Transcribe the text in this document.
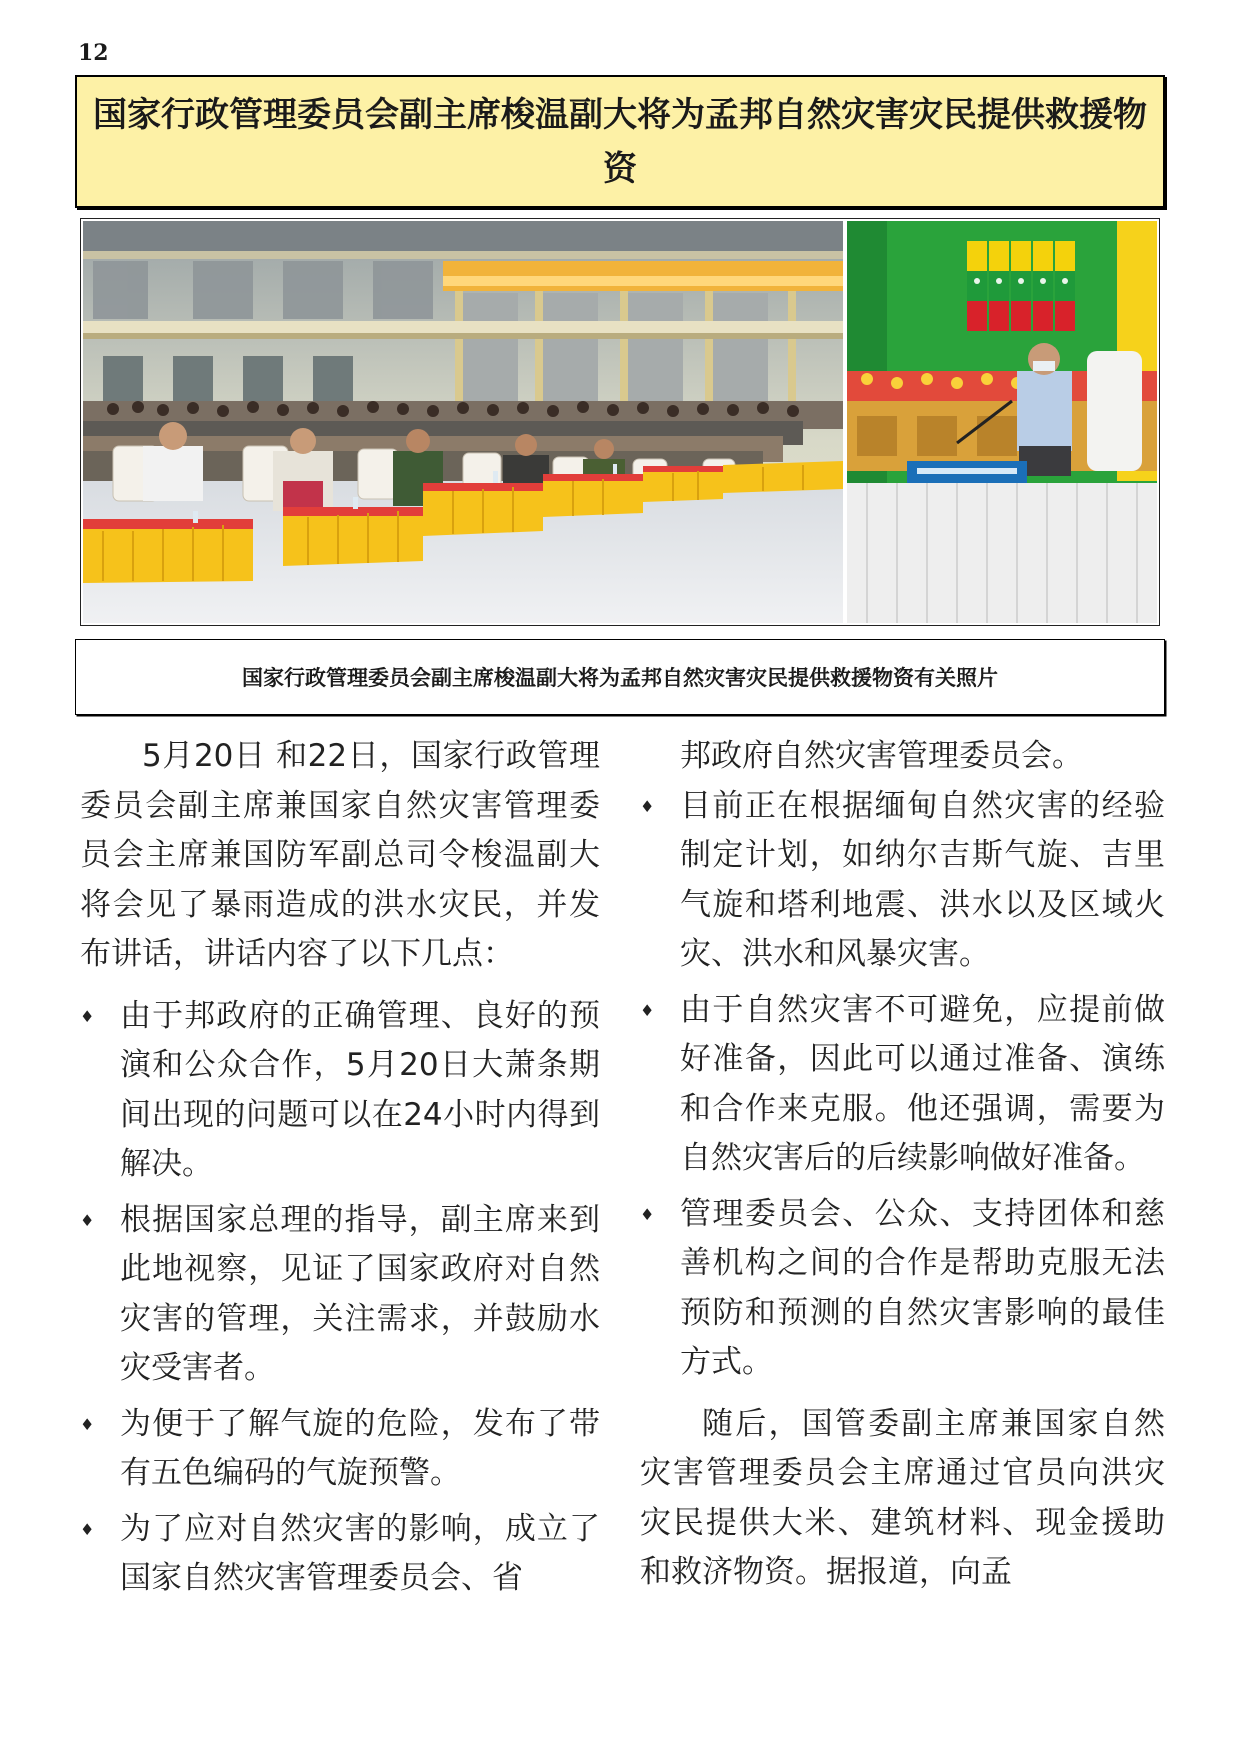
12
国家行政管理委员会副主席梭温副大将为孟邦自然灾害灾民提供救援物资
国家行政管理委员会副主席梭温副大将为孟邦自然灾害灾民提供救援物资有关照片

5月20日 和22日，国家行政管理委员会副主席兼国家自然灾害管理委员会主席兼国防军副总司令梭温副大将会见了暴雨造成的洪水灾民，并发布讲话，讲话内容了以下几点：

♦ 由于邦政府的正确管理、良好的预演和公众合作，5月20日大萧条期间出现的问题可以在24小时内得到解决。
♦ 根据国家总理的指导，副主席来到此地视察，见证了国家政府对自然灾害的管理，关注需求，并鼓励水灾受害者。
♦ 为便于了解气旋的危险，发布了带有五色编码的气旋预警。
♦ 为了应对自然灾害的影响，成立了国家自然灾害管理委员会、省

邦政府自然灾害管理委员会。

♦ 目前正在根据缅甸自然灾害的经验制定计划，如纳尔吉斯气旋、吉里气旋和塔利地震、洪水以及区域火灾、洪水和风暴灾害。
♦ 由于自然灾害不可避免，应提前做好准备，因此可以通过准备、演练和合作来克服。他还强调，需要为自然灾害后的后续影响做好准备。
♦ 管理委员会、公众、支持团体和慈善机构之间的合作是帮助克服无法预防和预测的自然灾害影响的最佳方式。

随后，国管委副主席兼国家自然灾害管理委员会主席通过官员向洪灾灾民提供大米、建筑材料、现金援助和救济物资。据报道，向孟
